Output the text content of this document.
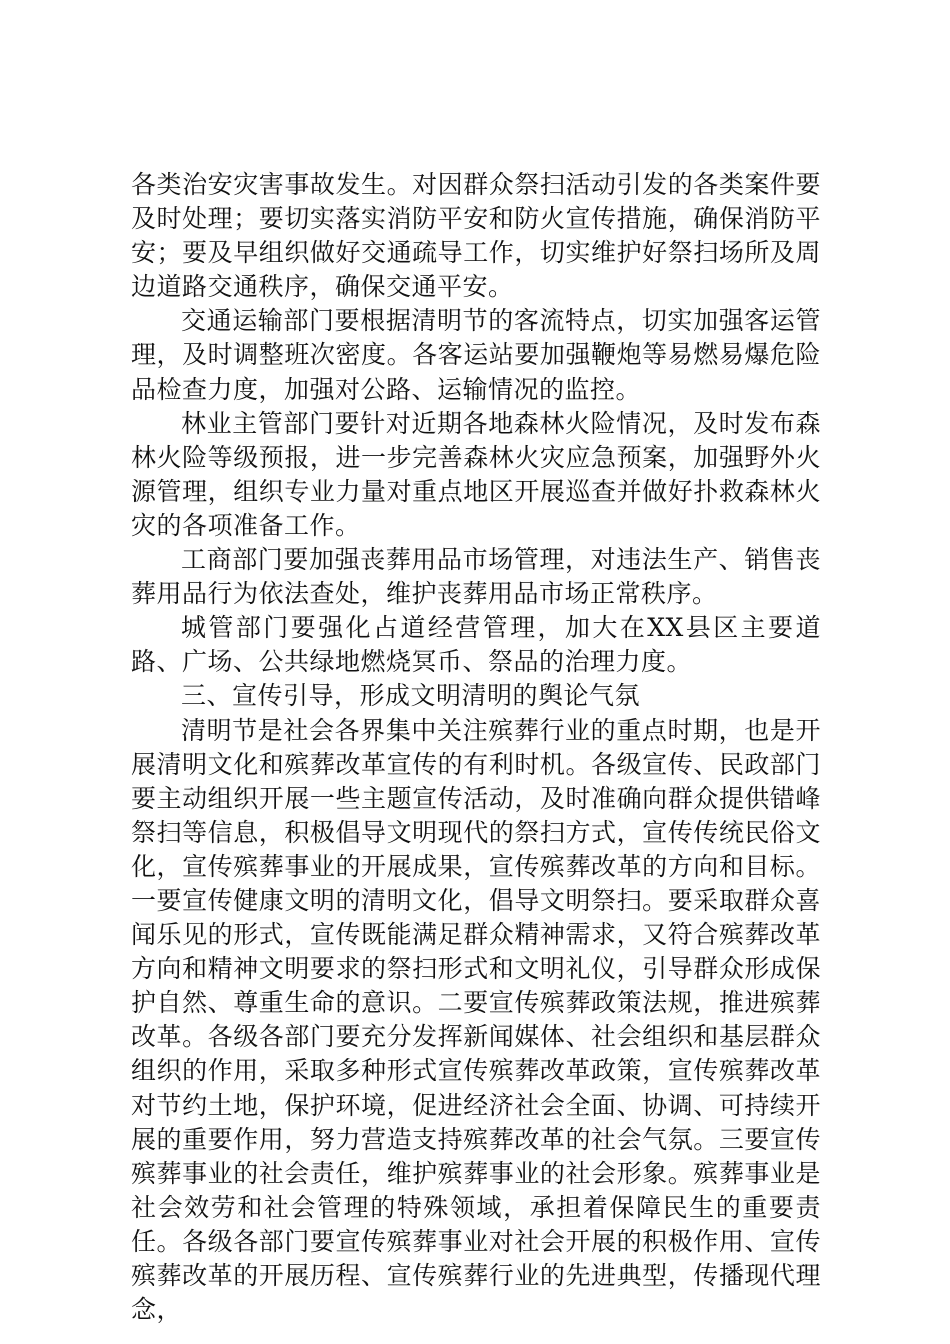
各类治安灾害事故发生。对因群众祭扫活动引发的各类案件要及时处理；要切实落实消防平安和防火宣传措施，确保消防平安；要及早组织做好交通疏导工作，切实维护好祭扫场所及周边道路交通秩序，确保交通平安。

交通运输部门要根据清明节的客流特点，切实加强客运管理，及时调整班次密度。各客运站要加强鞭炮等易燃易爆危险品检查力度，加强对公路、运输情况的监控。

林业主管部门要针对近期各地森林火险情况，及时发布森林火险等级预报，进一步完善森林火灾应急预案，加强野外火源管理，组织专业力量对重点地区开展巡查并做好扑救森林火灾的各项准备工作。

工商部门要加强丧葬用品市场管理，对违法生产、销售丧葬用品行为依法查处，维护丧葬用品市场正常秩序。

城管部门要强化占道经营管理，加大在XX县区主要道路、广场、公共绿地燃烧冥币、祭品的治理力度。

三、宣传引导，形成文明清明的舆论气氛

清明节是社会各界集中关注殡葬行业的重点时期，也是开展清明文化和殡葬改革宣传的有利时机。各级宣传、民政部门要主动组织开展一些主题宣传活动，及时准确向群众提供错峰祭扫等信息，积极倡导文明现代的祭扫方式，宣传传统民俗文化，宣传殡葬事业的开展成果，宣传殡葬改革的方向和目标。一要宣传健康文明的清明文化，倡导文明祭扫。要采取群众喜闻乐见的形式，宣传既能满足群众精神需求，又符合殡葬改革方向和精神文明要求的祭扫形式和文明礼仪，引导群众形成保护自然、尊重生命的意识。二要宣传殡葬政策法规，推进殡葬改革。各级各部门要充分发挥新闻媒体、社会组织和基层群众组织的作用，采取多种形式宣传殡葬改革政策，宣传殡葬改革对节约土地，保护环境，促进经济社会全面、协调、可持续开展的重要作用，努力营造支持殡葬改革的社会气氛。三要宣传殡葬事业的社会责任，维护殡葬事业的社会形象。殡葬事业是社会效劳和社会管理的特殊领域，承担着保障民生的重要责任。各级各部门要宣传殡葬事业对社会开展的积极作用、宣传殡葬改革的开展历程、宣传殡葬行业的先进典型，传播现代理念，
